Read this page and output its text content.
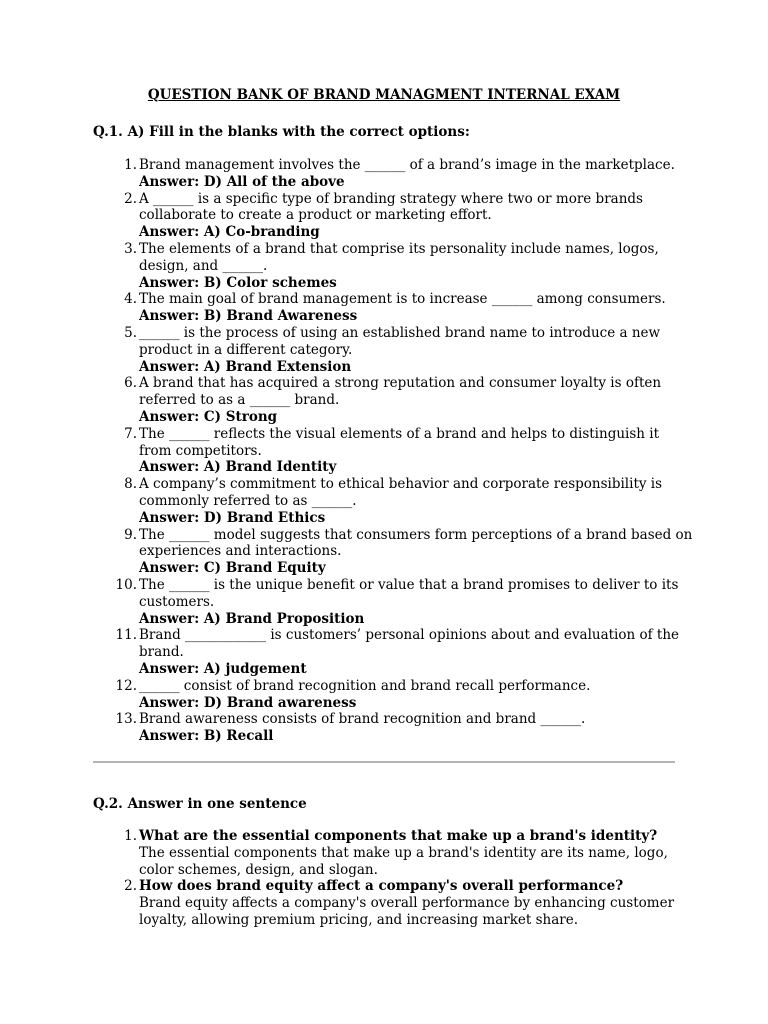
QUESTION BANK OF BRAND MANAGMENT INTERNAL EXAM
Q.1. A) Fill in the blanks with the correct options:
1. Brand management involves the ______ of a brand’s image in the marketplace.
Answer: D) All of the above
2. A ______ is a specific type of branding strategy where two or more brands collaborate to create a product or marketing effort.
Answer: A) Co-branding
3. The elements of a brand that comprise its personality include names, logos, design, and ______.
Answer: B) Color schemes
4. The main goal of brand management is to increase ______ among consumers.
Answer: B) Brand Awareness
5. ______ is the process of using an established brand name to introduce a new product in a different category.
Answer: A) Brand Extension
6. A brand that has acquired a strong reputation and consumer loyalty is often referred to as a ______ brand.
Answer: C) Strong
7. The ______ reflects the visual elements of a brand and helps to distinguish it from competitors.
Answer: A) Brand Identity
8. A company’s commitment to ethical behavior and corporate responsibility is commonly referred to as ______.
Answer: D) Brand Ethics
9. The ______ model suggests that consumers form perceptions of a brand based on experiences and interactions.
Answer: C) Brand Equity
10. The ______ is the unique benefit or value that a brand promises to deliver to its customers.
Answer: A) Brand Proposition
11. Brand ____________ is customers’ personal opinions about and evaluation of the brand.
Answer: A) judgement
12. ______ consist of brand recognition and brand recall performance.
Answer: D) Brand awareness
13. Brand awareness consists of brand recognition and brand ______.
Answer: B) Recall
Q.2. Answer in one sentence
1. What are the essential components that make up a brand's identity?
The essential components that make up a brand's identity are its name, logo, color schemes, design, and slogan.
2. How does brand equity affect a company's overall performance?
Brand equity affects a company's overall performance by enhancing customer loyalty, allowing premium pricing, and increasing market share.
